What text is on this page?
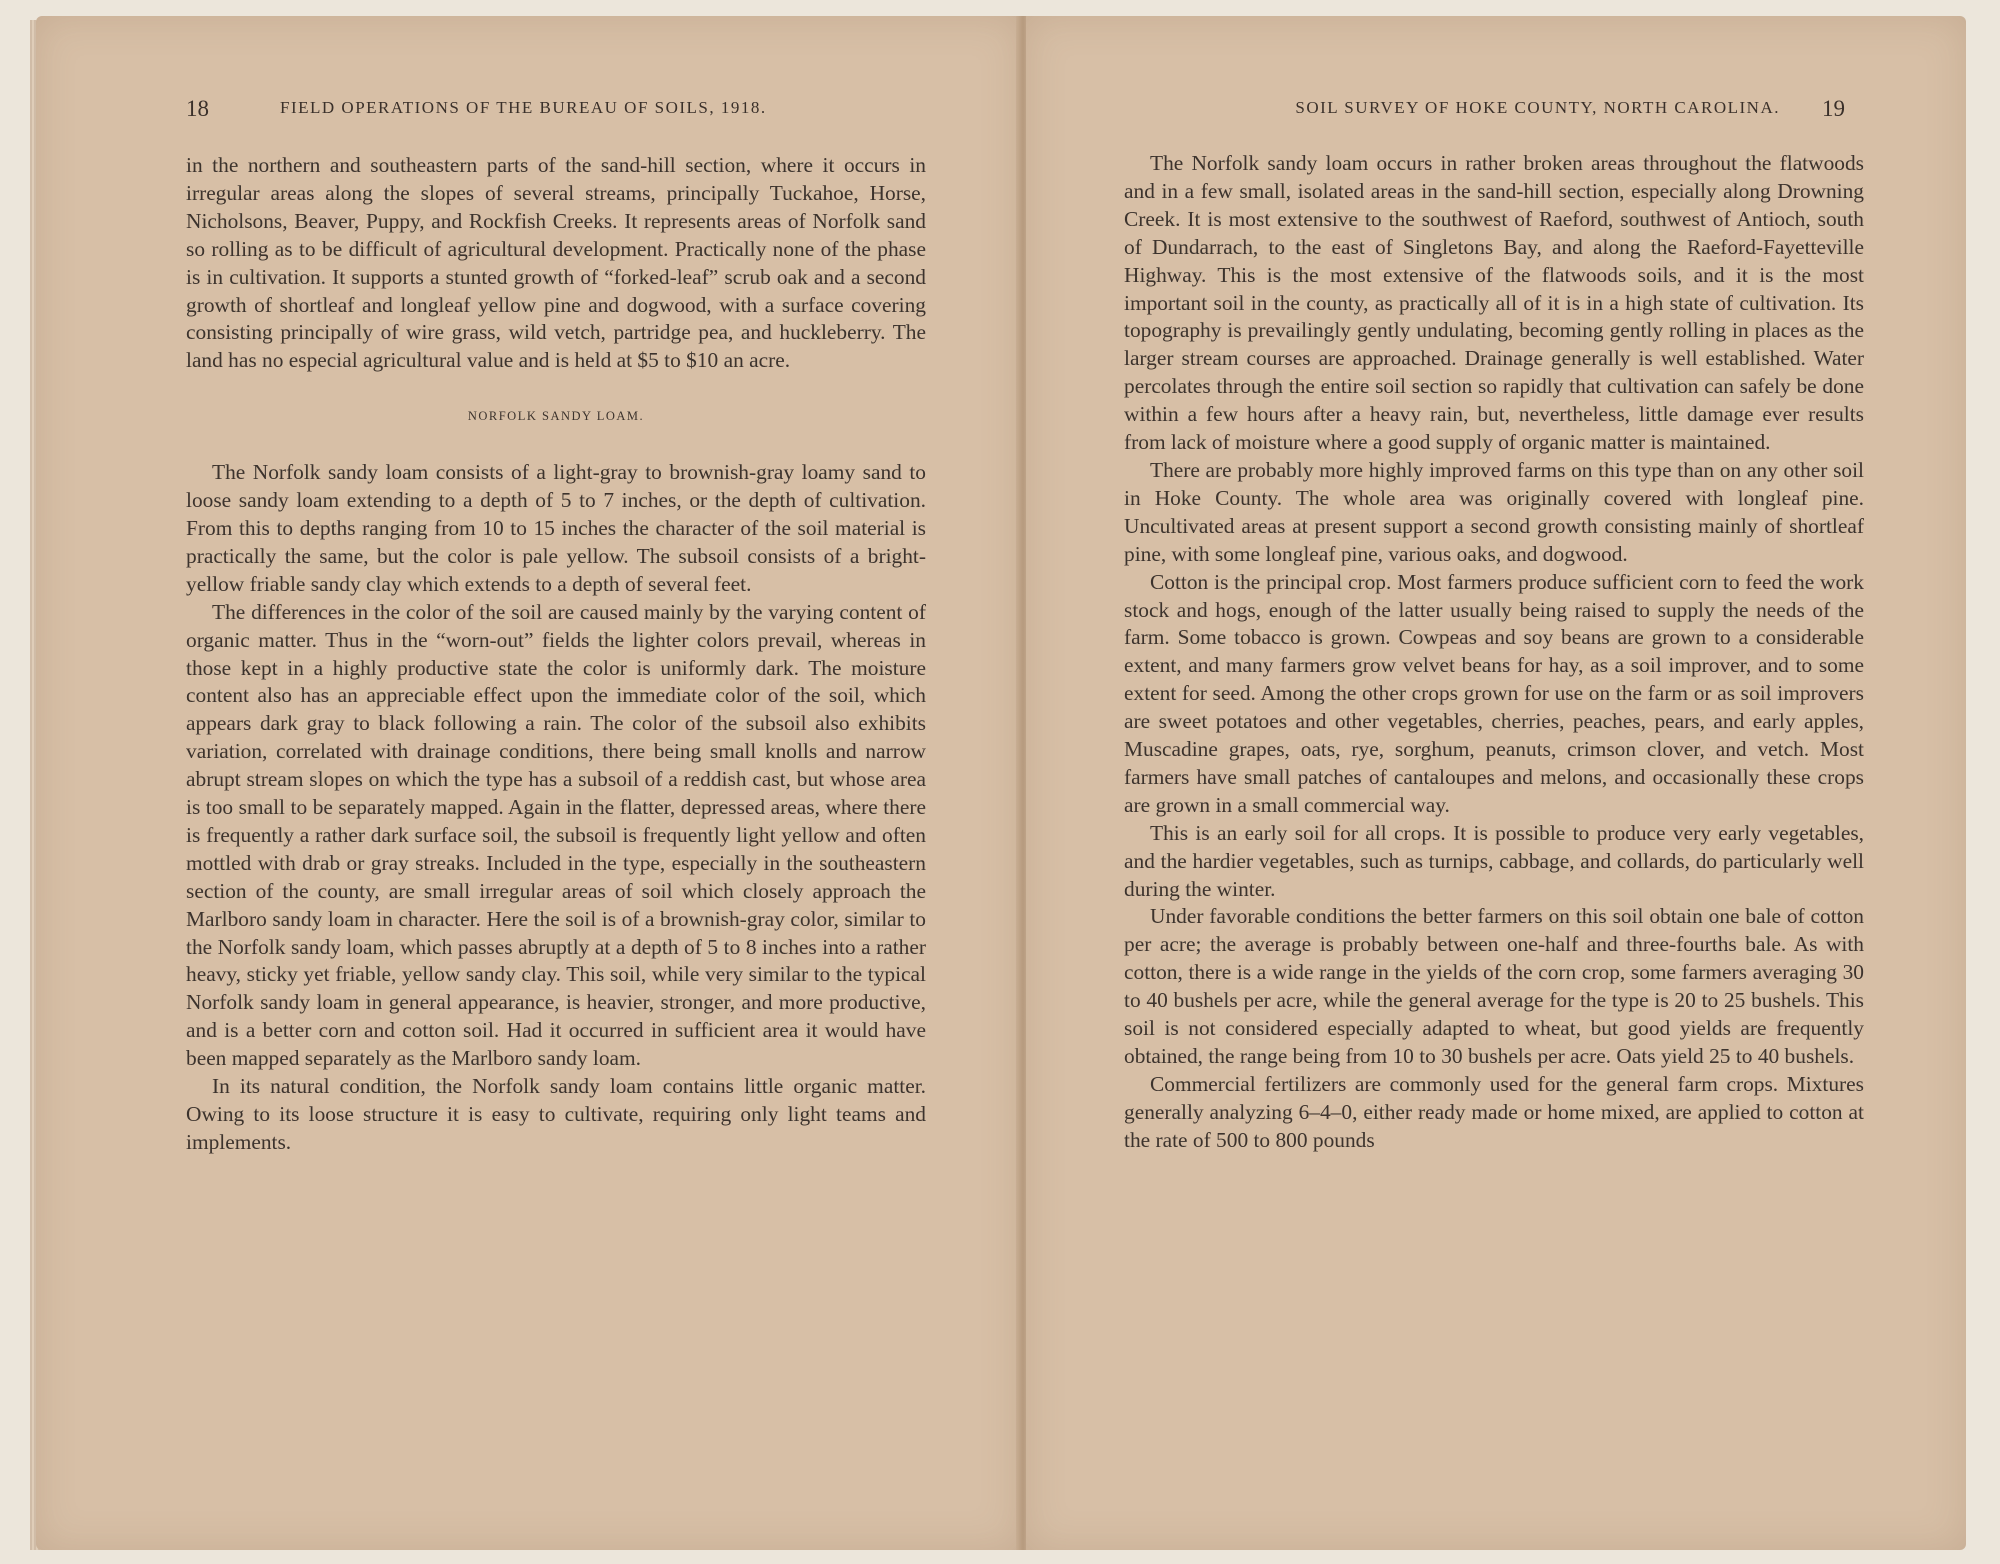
18	FIELD OPERATIONS OF THE BUREAU OF SOILS, 1918.	SOIL SURVEY OF HOKE COUNTY, NORTH CAROLINA. 19

in the northern and southeastern parts of the sand-hill section, where it occurs in irregular areas along the slopes of several streams, principally Tuckahoe, Horse, Nicholsons, Beaver, Puppy, and Rockfish Creeks. It represents areas of Norfolk sand so rolling as to be difficult of agricultural development. Practically none of the phase is in cultivation. It supports a stunted growth of “forked-leaf” scrub oak and a second growth of shortleaf and longleaf yellow pine and dogwood, with a surface covering consisting principally of wire grass, wild vetch, partridge pea, and huckleberry. The land has no especial agricultural value and is held at $5 to $10 an acre.

NORFOLK SANDY LOAM.

The Norfolk sandy loam consists of a light-gray to brownish-gray loamy sand to loose sandy loam extending to a depth of 5 to 7 inches, or the depth of cultivation. From this to depths ranging from 10 to 15 inches the character of the soil material is practically the same, but the color is pale yellow. The subsoil consists of a bright-yellow friable sandy clay which extends to a depth of several feet.

The differences in the color of the soil are caused mainly by the varying content of organic matter. Thus in the “worn-out” fields the lighter colors prevail, whereas in those kept in a highly productive state the color is uniformly dark. The moisture content also has an appreciable effect upon the immediate color of the soil, which appears dark gray to black following a rain. The color of the subsoil also exhibits variation, correlated with drainage conditions, there being small knolls and narrow abrupt stream slopes on which the type has a subsoil of a reddish cast, but whose area is too small to be separately mapped. Again in the flatter, depressed areas, where there is frequently a rather dark surface soil, the subsoil is frequently light yellow and often mottled with drab or gray streaks. Included in the type, especially in the southeastern section of the county, are small irregular areas of soil which closely approach the Marlboro sandy loam in character. Here the soil is of a brownish-gray color, similar to the Norfolk sandy loam, which passes abruptly at a depth of 5 to 8 inches into a rather heavy, sticky yet friable, yellow sandy clay. This soil, while very similar to the typical Norfolk sandy loam in general appearance, is heavier, stronger, and more productive, and is a better corn and cotton soil. Had it occurred in sufficient area it would have been mapped separately as the Marlboro sandy loam.

In its natural condition, the Norfolk sandy loam contains little organic matter. Owing to its loose structure it is easy to cultivate, requiring only light teams and implements.

The Norfolk sandy loam occurs in rather broken areas throughout the flatwoods and in a few small, isolated areas in the sand-hill section, especially along Drowning Creek. It is most extensive to the southwest of Raeford, southwest of Antioch, south of Dundarrach, to the east of Singletons Bay, and along the Raeford-Fayetteville Highway. This is the most extensive of the flatwoods soils, and it is the most important soil in the county, as practically all of it is in a high state of cultivation. Its topography is prevailingly gently undulating, becoming gently rolling in places as the larger stream courses are approached. Drainage generally is well established. Water percolates through the entire soil section so rapidly that cultivation can safely be done within a few hours after a heavy rain, but, nevertheless, little damage ever results from lack of moisture where a good supply of organic matter is maintained.

There are probably more highly improved farms on this type than on any other soil in Hoke County. The whole area was originally covered with longleaf pine. Uncultivated areas at present support a second growth consisting mainly of shortleaf pine, with some longleaf pine, various oaks, and dogwood.

Cotton is the principal crop. Most farmers produce sufficient corn to feed the work stock and hogs, enough of the latter usually being raised to supply the needs of the farm. Some tobacco is grown. Cowpeas and soy beans are grown to a considerable extent, and many farmers grow velvet beans for hay, as a soil improver, and to some extent for seed. Among the other crops grown for use on the farm or as soil improvers are sweet potatoes and other vegetables, cherries, peaches, pears, and early apples, Muscadine grapes, oats, rye, sorghum, peanuts, crimson clover, and vetch. Most farmers have small patches of cantaloupes and melons, and occasionally these crops are grown in a small commercial way.

This is an early soil for all crops. It is possible to produce very early vegetables, and the hardier vegetables, such as turnips, cabbage, and collards, do particularly well during the winter.

Under favorable conditions the better farmers on this soil obtain one bale of cotton per acre; the average is probably between one-half and three-fourths bale. As with cotton, there is a wide range in the yields of the corn crop, some farmers averaging 30 to 40 bushels per acre, while the general average for the type is 20 to 25 bushels. This soil is not considered especially adapted to wheat, but good yields are frequently obtained, the range being from 10 to 30 bushels per acre. Oats yield 25 to 40 bushels.

Commercial fertilizers are commonly used for the general farm crops. Mixtures generally analyzing 6–4–0, either ready made or home mixed, are applied to cotton at the rate of 500 to 800 pounds
